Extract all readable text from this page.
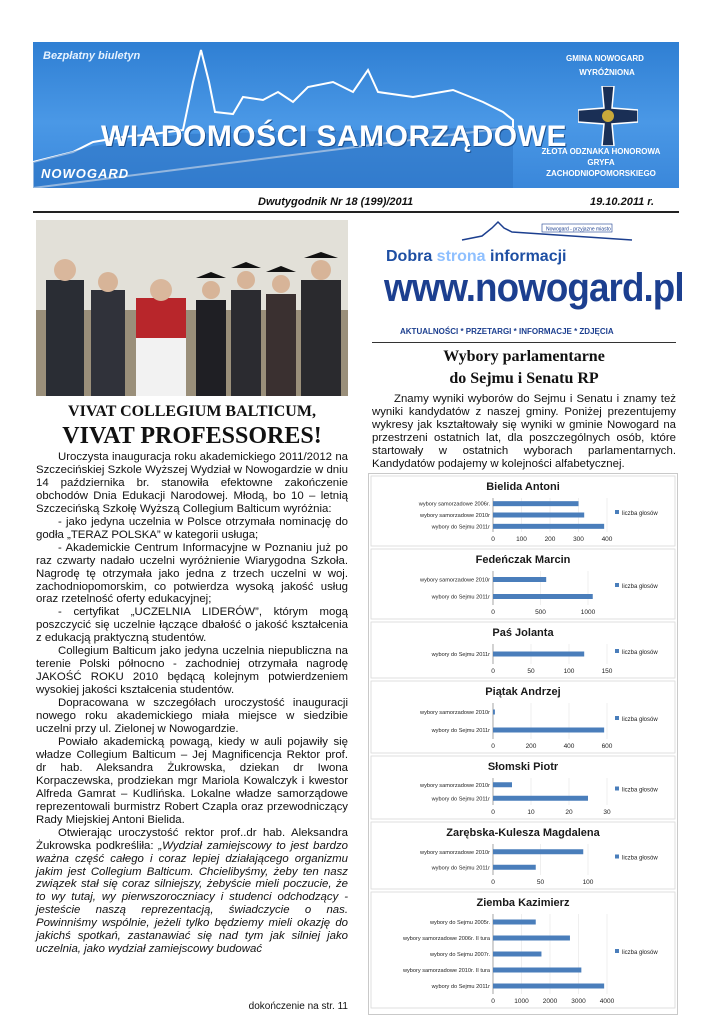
Bezpłatny biuletyn
WIADOMOŚCI SAMORZĄDOWE
NOWOGARD
GMINA NOWOGARD
WYRÓŻNIONA
ZŁOTA ODZNAKA HONOROWA
GRYFA
ZACHODNIOPOMORSKIEGO
Dwutygodnik Nr 18 (199)/2011	19.10.2011 r.
VIVAT COLLEGIUM BALTICUM,
VIVAT PROFESSORES!

Uroczysta inauguracja roku akademickiego 2011/2012 na Szczecińskiej Szkole Wyższej Wydział w Nowogardzie w dniu 14 października br. stanowiła efektowne zakończenie obchodów Dnia Edukacji Narodowej. Młodą, bo 10 – letnią Szczecińską Szkołę Wyższą Collegium Balticum wyróżnia:

- jako jedyna uczelnia w Polsce otrzymała nominację do godła „TERAZ POLSKA” w kategorii usługa;

- Akademickie Centrum Informacyjne w Poznaniu już po raz czwarty nadało uczelni wyróżnienie Wiarygodna Szkoła. Nagrodę tę otrzymała jako jedna z trzech uczelni w woj. zachodniopomorskim, co potwierdza wysoką jakość usług oraz rzetelność oferty edukacyjnej;

- certyfikat „UCZELNIA LIDERÓW”, którym mogą poszczycić się uczelnie łączące dbałość o jakość kształcenia z edukacją praktyczną studentów.

Collegium Balticum jako jedyna uczelnia niepubliczna na terenie Polski północno - zachodniej otrzymała nagrodę JAKOŚĆ ROKU 2010 będącą kolejnym potwierdzeniem wysokiej jakości kształcenia studentów.

Dopracowana w szczegółach uroczystość inauguracji nowego roku akademickiego miała miejsce w siedzibie uczelni przy ul. Zielonej w Nowogardzie.

Powiało akademicką powagą, kiedy w auli pojawiły się władze Collegium Balticum – Jej Magnificencja Rektor prof. dr hab. Aleksandra Żukrowska, dziekan dr Iwona Korpaczewska, prodziekan mgr Mariola Kowalczyk i kwestor Alfreda Gamrat – Kudlińska. Lokalne władze samorządowe reprezentowali burmistrz Robert Czapla oraz przewodniczący Rady Miejskiej Antoni Bielida.

Otwierając uroczystość rektor prof..dr hab. Aleksandra Żukrowska podkreśliła: „Wydział zamiejscowy to jest bardzo ważna część całego i coraz lepiej działającego organizmu jakim jest Collegium Balticum. Chcielibyśmy, żeby ten nasz związek stał się coraz silniejszy, żebyście mieli poczucie, że to wy tutaj, wy pierwszoroczniacy i studenci odchodzący - jesteście naszą reprezentacją, świadczycie o nas. Powinniśmy wspólnie, jeżeli tylko będziemy mieli okazję do jakichś spotkań, zastanawiać się nad tym jak silniej jako uczelnia, jako wydział zamiejscowy budować

dokończenie na str. 11
Nowogard - przyjazne miasto
Dobra strona informacji
www.nowogard.pl
AKTUALNOŚCI * PRZETARGI * INFORMACJE * ZDJĘCIA
Wybory parlamentarne
do Sejmu i Senatu RP

Znamy wyniki wyborów do Sejmu i Senatu i znamy też wyniki kandydatów z naszej gminy. Poniżej prezentujemy wykresy jak kształtowały się wyniki w gminie Nowogard na przestrzeni ostatnich lat, dla poszczególnych osób, które startowały w ostatnich wyborach parlamentarnych. Kandydatów podajemy w kolejności alfabetycznej.

Bielida Antoni
0	100	200	300	400
wybory samorzadowe 2006r.
wybory samorzadowe 2010r
wybory do Sejmu 2011r
liczba głosów
Fedeńczak Marcin
0	500	1000
wybory samorzadowe 2010r
wybory do Sejmu 2011r
liczba głosów
Paś Jolanta
0	50	100	150
wybory do Sejmu 2011r	liczba głosów
Piątak Andrzej
0	200	400	600
wybory samorzadowe 2010r
wybory do Sejmu 2011r
liczba głosów
Słomski Piotr
0	10	20	30
wybory samorzadowe 2010r
wybory do Sejmu 2011r
liczba głosów
Zarębska-Kulesza Magdalena
0	50	100
wybory samorzadowe 2010r
wybory do Sejmu 2011r
liczba głosów
Ziemba Kazimierz
0	1000 2000 3000 4000
wybory do Sejmu 2005r.
wybory samorzadowe 2006r. II tura
wybory do Sejmu 2007r.
wybory samorzadowe 2010r. II tura
wybory do Sejmu 2011r
liczba głosów
